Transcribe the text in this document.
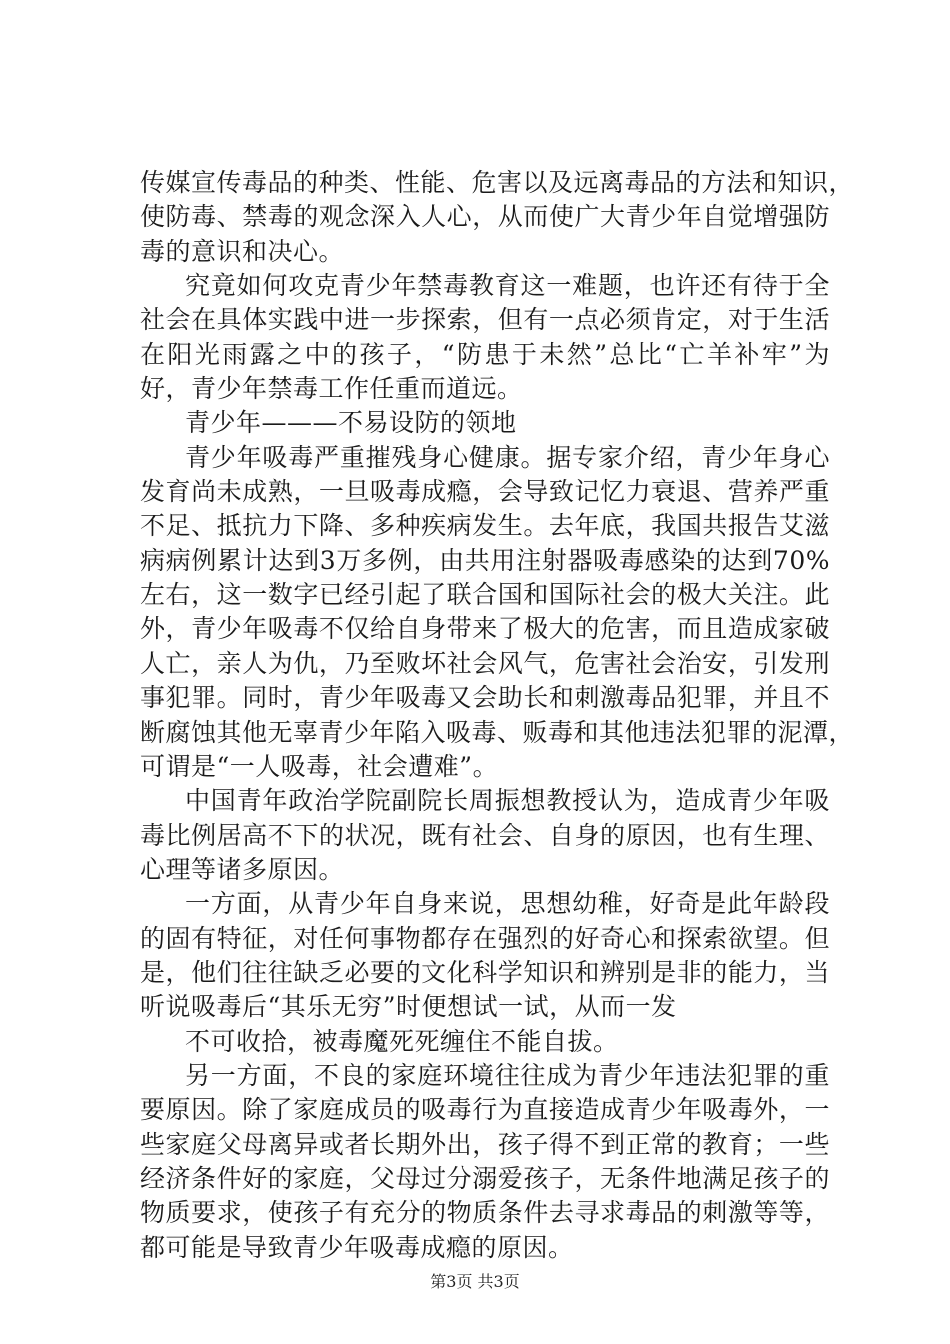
传媒宣传毒品的种类、性能、危害以及远离毒品的方法和知识，
使防毒、禁毒的观念深入人心，从而使广大青少年自觉增强防
毒的意识和决心。
究竟如何攻克青少年禁毒教育这一难题，也许还有待于全
社会在具体实践中进一步探索，但有一点必须肯定，对于生活
在阳光雨露之中的孩子，“防患于未然”总比“亡羊补牢”为
好，青少年禁毒工作任重而道远。
青少年———不易设防的领地
青少年吸毒严重摧残身心健康。据专家介绍，青少年身心
发育尚未成熟，一旦吸毒成瘾，会导致记忆力衰退、营养严重
不足、抵抗力下降、多种疾病发生。去年底，我国共报告艾滋
病病例累计达到3万多例，由共用注射器吸毒感染的达到70%
左右，这一数字已经引起了联合国和国际社会的极大关注。此
外，青少年吸毒不仅给自身带来了极大的危害，而且造成家破
人亡，亲人为仇，乃至败坏社会风气，危害社会治安，引发刑
事犯罪。同时，青少年吸毒又会助长和刺激毒品犯罪，并且不
断腐蚀其他无辜青少年陷入吸毒、贩毒和其他违法犯罪的泥潭，
可谓是“一人吸毒，社会遭难”。
中国青年政治学院副院长周振想教授认为，造成青少年吸
毒比例居高不下的状况，既有社会、自身的原因，也有生理、
心理等诸多原因。
一方面，从青少年自身来说，思想幼稚，好奇是此年龄段
的固有特征，对任何事物都存在强烈的好奇心和探索欲望。但
是，他们往往缺乏必要的文化科学知识和辨别是非的能力，当
听说吸毒后“其乐无穷”时便想试一试，从而一发
不可收拾，被毒魔死死缠住不能自拔。
另一方面，不良的家庭环境往往成为青少年违法犯罪的重
要原因。除了家庭成员的吸毒行为直接造成青少年吸毒外，一
些家庭父母离异或者长期外出，孩子得不到正常的教育；一些
经济条件好的家庭，父母过分溺爱孩子，无条件地满足孩子的
物质要求，使孩子有充分的物质条件去寻求毒品的刺激等等，
都可能是导致青少年吸毒成瘾的原因。
第3页 共3页
